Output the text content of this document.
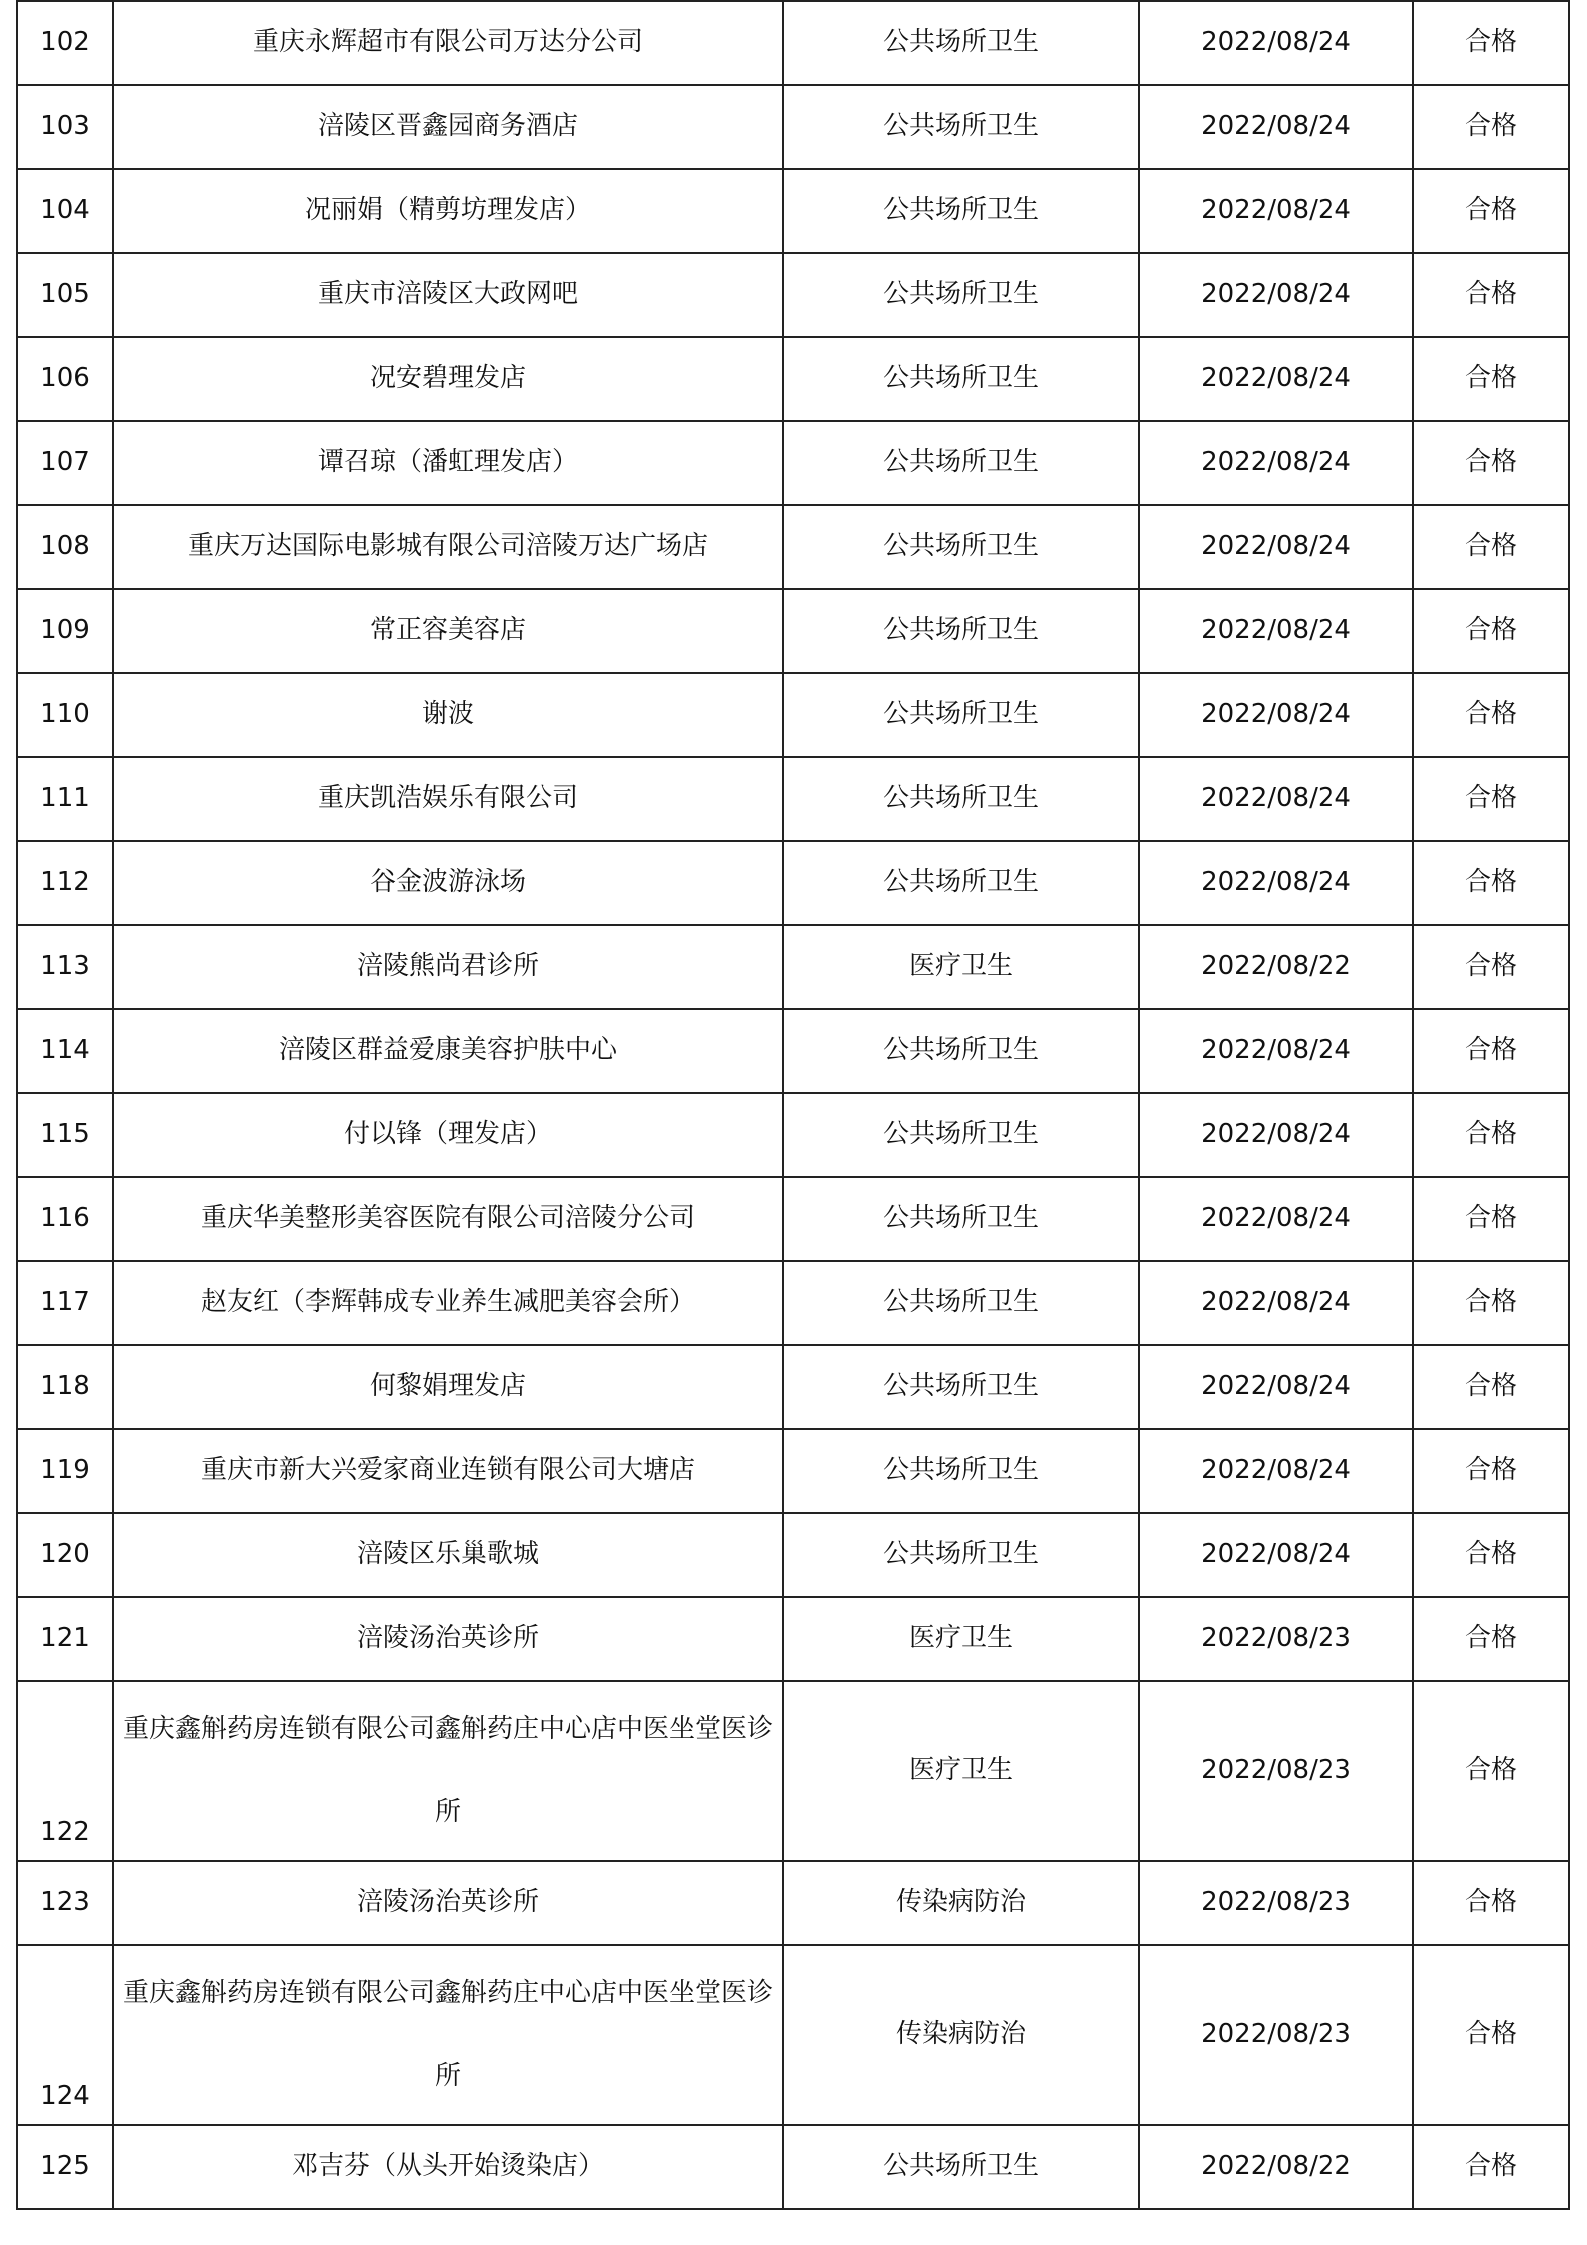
102	重庆永辉超市有限公司万达分公司	公共场所卫生	2022/08/24	合格
103	涪陵区晋鑫园商务酒店	公共场所卫生	2022/08/24	合格
104	况丽娟（精剪坊理发店）	公共场所卫生	2022/08/24	合格
105	重庆市涪陵区大政网吧	公共场所卫生	2022/08/24	合格
106	况安碧理发店	公共场所卫生	2022/08/24	合格
107	谭召琼（潘虹理发店）	公共场所卫生	2022/08/24	合格
108	重庆万达国际电影城有限公司涪陵万达广场店	公共场所卫生	2022/08/24	合格
109	常正容美容店	公共场所卫生	2022/08/24	合格
110	谢波	公共场所卫生	2022/08/24	合格
111	重庆凯浩娱乐有限公司	公共场所卫生	2022/08/24	合格
112	谷金波游泳场	公共场所卫生	2022/08/24	合格
113	涪陵熊尚君诊所	医疗卫生	2022/08/22	合格
114	涪陵区群益爱康美容护肤中心	公共场所卫生	2022/08/24	合格
115	付以锋（理发店）	公共场所卫生	2022/08/24	合格
116	重庆华美整形美容医院有限公司涪陵分公司	公共场所卫生	2022/08/24	合格
117	赵友红（李辉韩成专业养生减肥美容会所）	公共场所卫生	2022/08/24	合格
118	何黎娟理发店	公共场所卫生	2022/08/24	合格
119	重庆市新大兴爱家商业连锁有限公司大塘店	公共场所卫生	2022/08/24	合格
120	涪陵区乐巢歌城	公共场所卫生	2022/08/24	合格
121	涪陵汤治英诊所	医疗卫生	2022/08/23	合格
122	重庆鑫斛药房连锁有限公司鑫斛药庄中心店中医坐堂医诊所	医疗卫生	2022/08/23	合格
123	涪陵汤治英诊所	传染病防治	2022/08/23	合格
124	重庆鑫斛药房连锁有限公司鑫斛药庄中心店中医坐堂医诊所	传染病防治	2022/08/23	合格
125	邓吉芬（从头开始烫染店）	公共场所卫生	2022/08/22	合格
